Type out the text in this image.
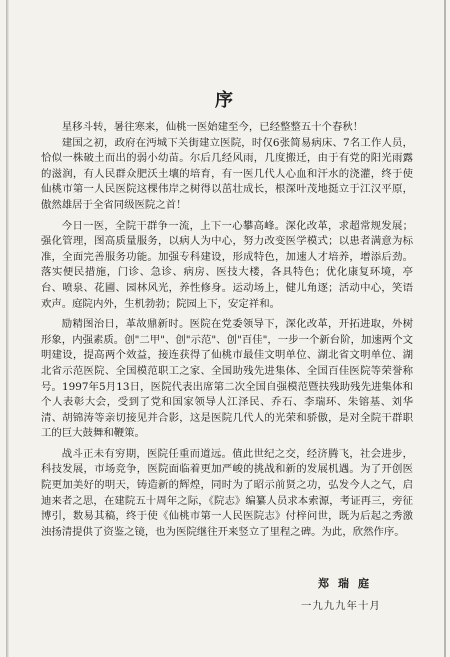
序

星移斗转，暑往寒来，仙桃一医始建至今，已经整整五十个春秋！

建国之初，政府在沔城下关街建立医院，时仅6张简易病床、7名工作人员，恰似一株破土而出的弱小幼苗。尔后几经风雨，几度搬迁，由于有党的阳光雨露的滋润，有人民群众肥沃土壤的培育，有一医几代人心血和汗水的浇灌，终于使仙桃市第一人民医院这棵伟岸之树得以茁壮成长，根深叶茂地挺立于江汉平原，傲然雄居于全省同级医院之首！

今日一医，全院干群争一流，上下一心攀高峰。深化改革，求超常规发展；强化管理，图高质量服务，以病人为中心，努力改变医学模式；以患者满意为标准，全面完善服务功能。加强专科建设，形成特色，加速人才培养，增添后劲。落实便民措施，门诊、急诊、病房、医技大楼，各具特色；优化康复环境，亭台、喷泉、花圃、园林风光，养性修身。运动场上，健儿角逐；活动中心，笑语欢声。庭院内外，生机勃勃；院园上下，安定祥和。

励精图治日，革故鼎新时。医院在党委领导下，深化改革，开拓进取，外树形象，内强素质。创"二甲"、创"示范"、创"百佳"，一步一个新台阶，加速两个文明建设，提高两个效益，接连获得了仙桃市最佳文明单位、湖北省文明单位、湖北省示范医院、全国模范职工之家、全国助残先进集体、全国百佳医院等荣誉称号。1997年5月13日，医院代表出席第二次全国自强模范暨扶残助残先进集体和个人表彰大会，受到了党和国家领导人江泽民、乔石、李瑞环、朱镕基、刘华清、胡锦涛等亲切接见并合影，这是医院几代人的光荣和骄傲，是对全院干群职工的巨大鼓舞和鞭策。

战斗正未有穷期，医院任重而道远。值此世纪之交，经济腾飞，社会进步，科技发展，市场竞争，医院面临着更加严峻的挑战和新的发展机遇。为了开创医院更加美好的明天，铸造新的辉煌，同时为了昭示前贤之功，弘发今人之气，启迪来者之思，在建院五十周年之际，《院志》编纂人员求本索源，考证再三，旁征博引，数易其稿，终于使《仙桃市第一人民医院志》付梓问世，既为后起之秀激浊扬清提供了资鉴之镜，也为医院继往开来竖立了里程之碑。为此，欣然作序。

郑瑞庭
一九九九年十月
